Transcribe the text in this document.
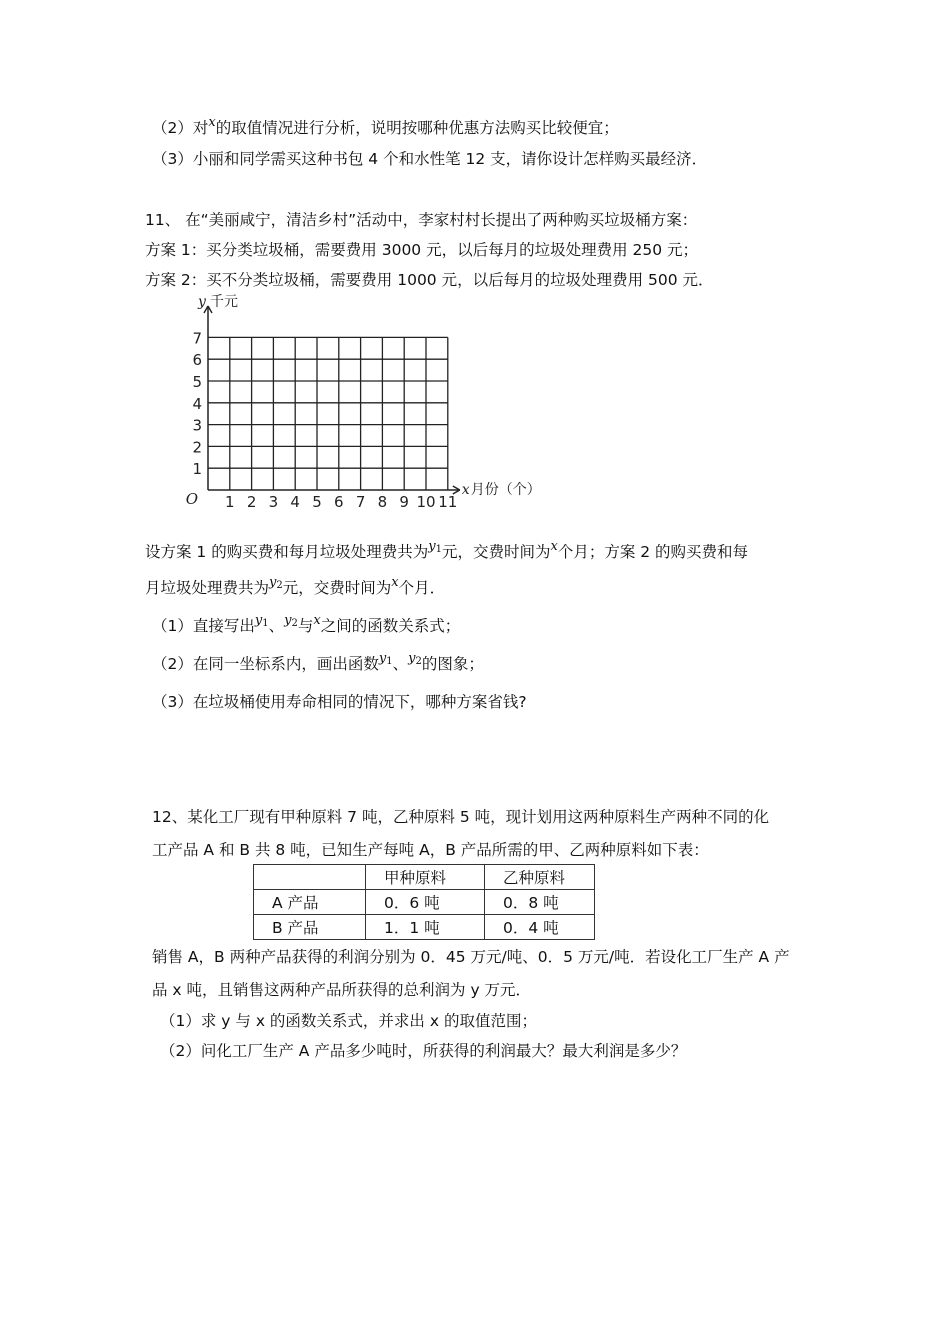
（2）对$^x$的取值情况进行分析，说明按哪种优惠方法购买比较便宜；
（3）小丽和同学需买这种书包 4 个和水性笔 12 支，请你设计怎样购买最经济．
11、 在“美丽咸宁，清洁乡村”活动中，李家村村长提出了两种购买垃圾桶方案：
方案 1：买分类垃圾桶，需要费用 3000 元，以后每月的垃圾处理费用 250 元；
方案 2：买不分类垃圾桶，需要费用 1000 元，以后每月的垃圾处理费用 500 元．
1 2 3 4 5 6 7 8 9 10 11
1
2
3
4
5
6
7
O
y 千元
x 月份（个）
设方案 1 的购买费和每月垃圾处理费共为$^{y1}$元，交费时间为$^x$个月；方案 2 的购买费和每
月垃圾处理费共为$^{y2}$元，交费时间为$^x$个月．
（1）直接写出$^{y1}$、$^{y2}$与$^x$之间的函数关系式；
（2）在同一坐标系内，画出函数$^{y1}$、$^{y2}$的图象；
（3）在垃圾桶使用寿命相同的情况下，哪种方案省钱?
12、某化工厂现有甲种原料 7 吨，乙种原料 5 吨，现计划用这两种原料生产两种不同的化
工产品 A 和 B 共 8 吨，已知生产每吨 A，B 产品所需的甲、乙两种原料如下表：
	甲种原料	乙种原料
A 产品	0．6 吨	0．8 吨
B 产品	1．1 吨	0．4 吨
销售 A，B 两种产品获得的利润分别为 0．45 万元/吨、0．5 万元/吨．若设化工厂生产 A 产
品 x 吨，且销售这两种产品所获得的总利润为 y 万元．
（1）求 y 与 x 的函数关系式，并求出 x 的取值范围；
（2）问化工厂生产 A 产品多少吨时，所获得的利润最大？最大利润是多少？
